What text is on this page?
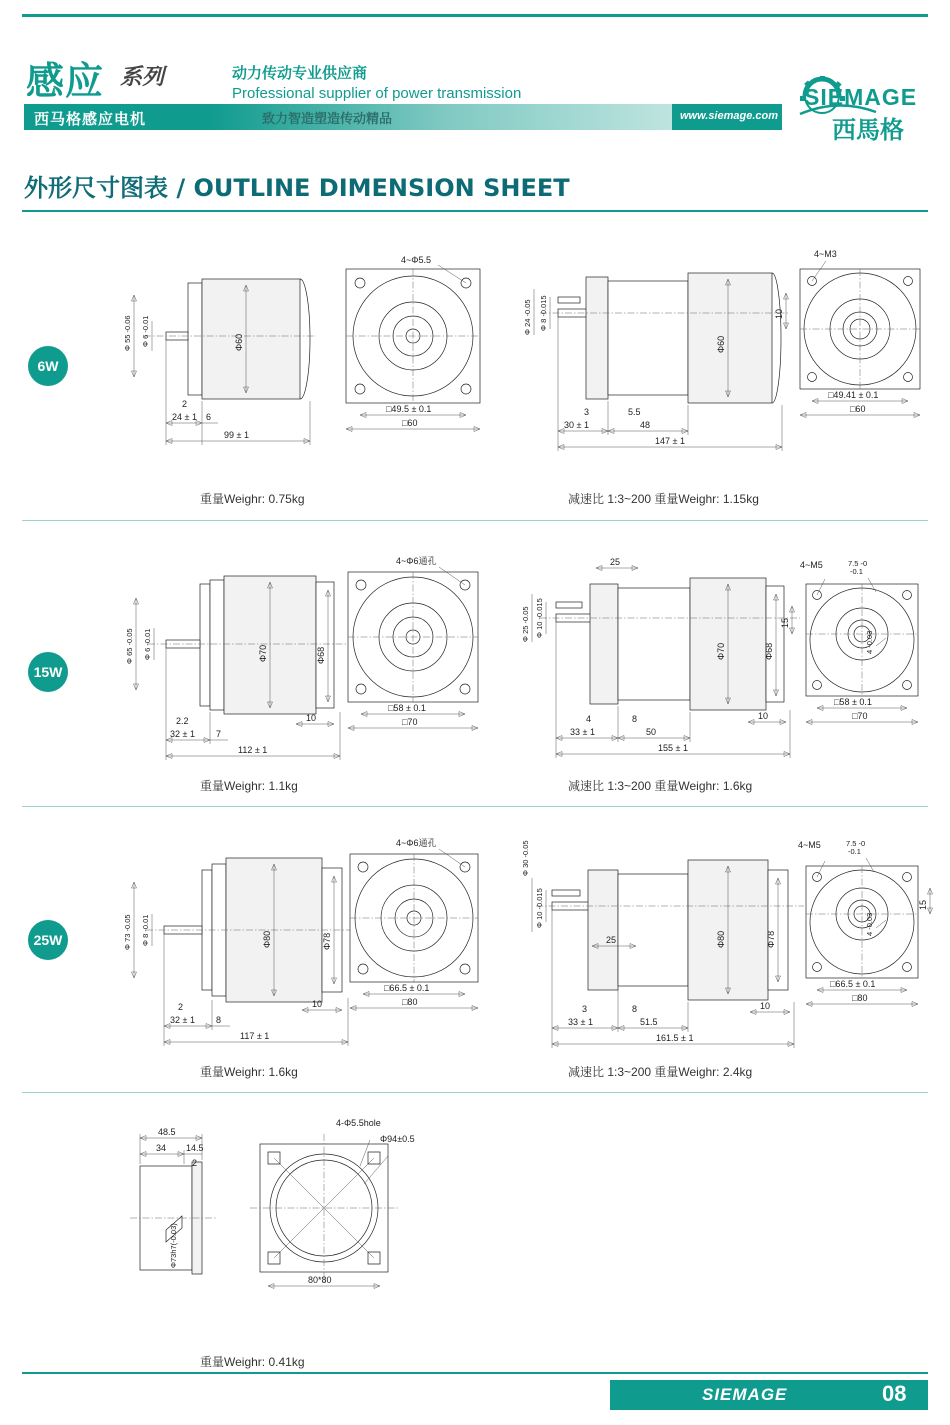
感应 系列
西马格感应电机
动力传动专业供应商
Professional supplier of power transmission
致力智造塑造传动精品	www.siemage.com
SIEMAGE
西馬格
外形尺寸图表 / OUTLINE DIMENSION SHEET
6W
Φ 55 -0.06 Φ 6 -0.01	Φ60
24 ± 1 6
2
99 ± 1
4~Φ5.5
□49.5 ± 0.1
□60
Φ 24 -0.05 Φ 8 -0.015
Φ60
3	5.5
30 ± 1	48
147 ± 1
4~M3
10
□49.41 ± 0.1
□60
重量Weighr: 0.75kg	减速比 1:3~200 重量Weighr: 1.15kg
15W
Φ 65 -0.05 Φ 6 -0.01	Φ70	Φ68
2.2
32 ± 1 7
10
112 ± 1
4~Φ6通孔
□58 ± 0.1
□70
Φ 25 -0.05 Φ 10 -0.015
Φ70	Φ68
25
4	8
33 ± 1	50
10
155 ± 1
4~M5	7.5 -0
-0.1
15
4 -0.03
□58 ± 0.1
□70
重量Weighr: 1.1kg	减速比 1:3~200 重量Weighr: 1.6kg
25W	Φ 73 -0.05 Φ 8 -0.01	Φ80	Φ78
2
32 ± 1 8
10
117 ± 1
4~Φ6通孔
□66.5 ± 0.1
□80
Φ 30 -0.05
Φ 10 -0.015
Φ80	Φ78
25
3	8
33 ± 1	51.5
10
161.5 ± 1
4~M5	7.5 -0
-0.1
15
4 -0.03
□66.5 ± 0.1
□80
重量Weighr: 1.6kg	减速比 1:3~200 重量Weighr: 2.4kg
48.5
34 14.5
2
Φ73h7(-0.03)
4-Φ5.5hole
Φ94±0.5
80*80
重量Weighr: 0.41kg
SIEMAGE	08
